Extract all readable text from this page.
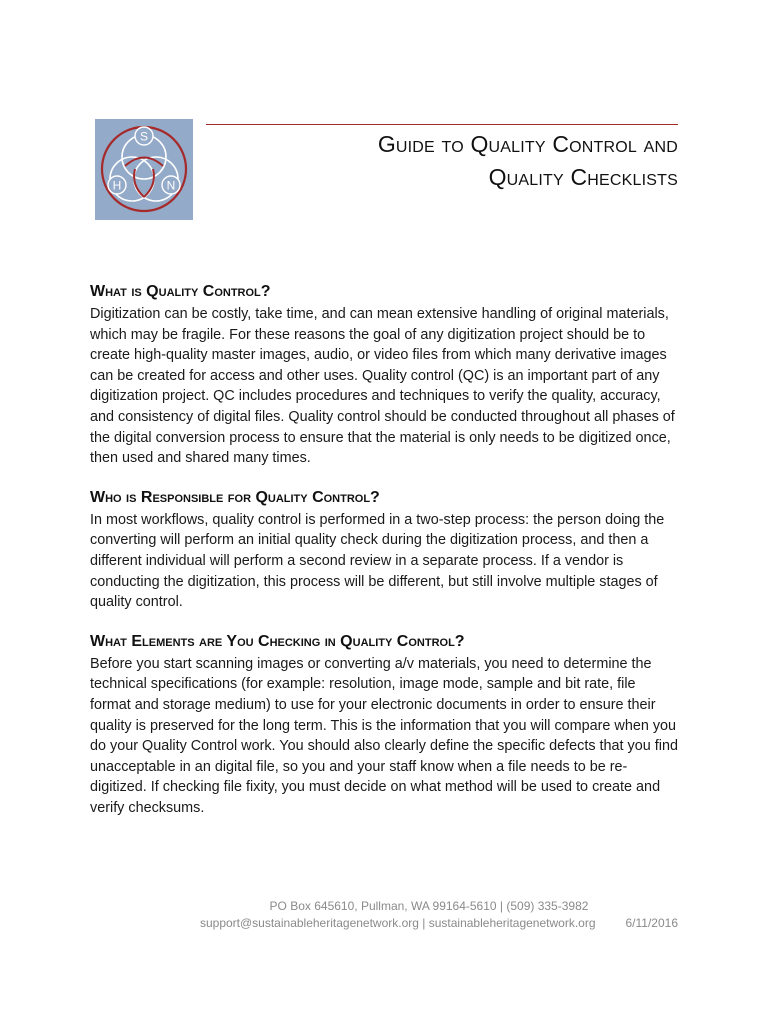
S
H	N
Guide to Quality Control and
Quality Checklists
What is Quality Control?

Digitization can be costly, take time, and can mean extensive handling of original materials, which may be fragile. For these reasons the goal of any digitization project should be to create high-quality master images, audio, or video files from which many derivative images can be created for access and other uses. Quality control (QC) is an important part of any digitization project. QC includes procedures and techniques to verify the quality, accuracy, and consistency of digital files. Quality control should be conducted throughout all phases of the digital conversion process to ensure that the material is only needs to be digitized once, then used and shared many times.

Who is Responsible for Quality Control?

In most workflows, quality control is performed in a two-step process: the person doing the converting will perform an initial quality check during the digitization process, and then a different individual will perform a second review in a separate process. If a vendor is conducting the digitization, this process will be different, but still involve multiple stages of quality control.

What Elements are You Checking in Quality Control?

Before you start scanning images or converting a/v materials, you need to determine the technical specifications (for example: resolution, image mode, sample and bit rate, file format and storage medium) to use for your electronic documents in order to ensure their quality is preserved for the long term. This is the information that you will compare when you do your Quality Control work. You should also clearly define the specific defects that you find unacceptable in an digital file, so you and your staff know when a file needs to be re-digitized. If checking file fixity, you must decide on what method will be used to create and verify checksums.

PO Box 645610, Pullman, WA 99164-5610 | (509) 335-3982
support@sustainableheritagenetwork.org | sustainableheritagenetwork.org	6/11/2016
